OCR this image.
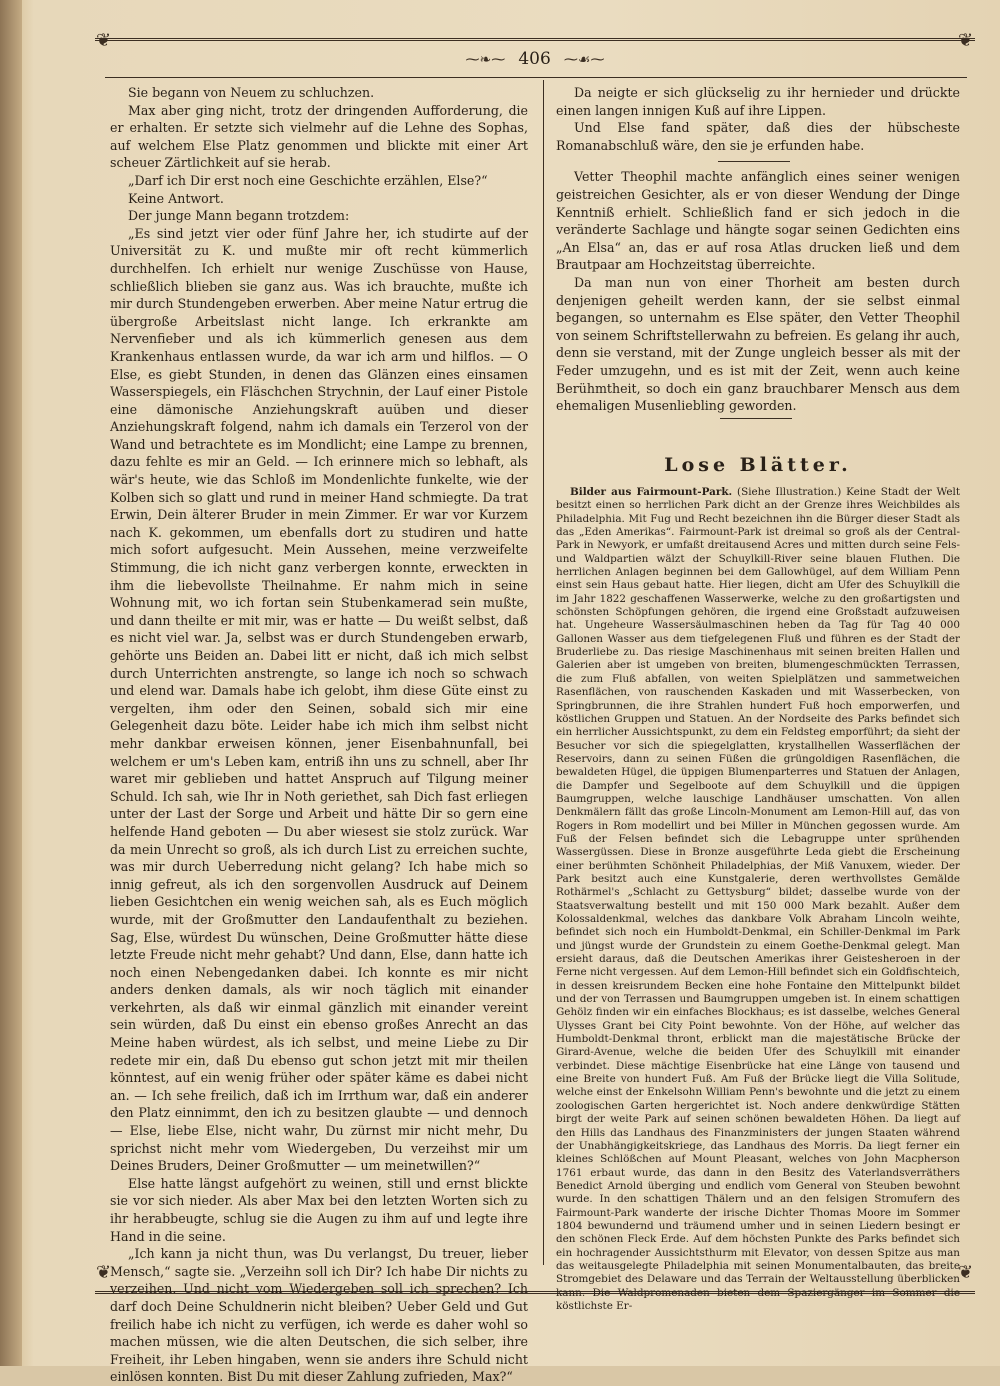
❦	❦
❦	❦
⁓❧⁓ 406 ⁓☙⁓

Sie begann von Neuem zu schluchzen.

Max aber ging nicht, trotz der dringenden Aufforderung, die er erhalten. Er setzte sich vielmehr auf die Lehne des Sophas, auf welchem Else Platz genommen und blickte mit einer Art scheuer Zärtlichkeit auf sie herab.

„Darf ich Dir erst noch eine Geschichte erzählen, Else?“

Keine Antwort.

Der junge Mann begann trotzdem:

„Es sind jetzt vier oder fünf Jahre her, ich studirte auf der Universität zu K. und mußte mir oft recht kümmerlich durchhelfen. Ich erhielt nur wenige Zuschüsse von Hause, schließlich blieben sie ganz aus. Was ich brauchte, mußte ich mir durch Stundengeben erwerben. Aber meine Natur ertrug die übergroße Arbeitslast nicht lange. Ich erkrankte am Nervenfieber und als ich kümmerlich genesen aus dem Krankenhaus entlassen wurde, da war ich arm und hilflos. — O Else, es giebt Stunden, in denen das Glänzen eines einsamen Wasserspiegels, ein Fläschchen Strychnin, der Lauf einer Pistole eine dämonische Anziehungskraft auüben und dieser Anziehungskraft folgend, nahm ich damals ein Terzerol von der Wand und betrachtete es im Mondlicht; eine Lampe zu brennen, dazu fehlte es mir an Geld. — Ich erinnere mich so lebhaft, als wär's heute, wie das Schloß im Mondenlichte funkelte, wie der Kolben sich so glatt und rund in meiner Hand schmiegte. Da trat Erwin, Dein älterer Bruder in mein Zimmer. Er war vor Kurzem nach K. gekommen, um ebenfalls dort zu studiren und hatte mich sofort aufgesucht. Mein Aussehen, meine verzweifelte Stimmung, die ich nicht ganz verbergen konnte, erweckten in ihm die liebevollste Theilnahme. Er nahm mich in seine Wohnung mit, wo ich fortan sein Stubenkamerad sein mußte, und dann theilte er mit mir, was er hatte — Du weißt selbst, daß es nicht viel war. Ja, selbst was er durch Stundengeben erwarb, gehörte uns Beiden an. Dabei litt er nicht, daß ich mich selbst durch Unterrichten anstrengte, so lange ich noch so schwach und elend war. Damals habe ich gelobt, ihm diese Güte einst zu vergelten, ihm oder den Seinen, sobald sich mir eine Gelegenheit dazu böte. Leider habe ich mich ihm selbst nicht mehr dankbar erweisen können, jener Eisenbahnunfall, bei welchem er um's Leben kam, entriß ihn uns zu schnell, aber Ihr waret mir geblieben und hattet Anspruch auf Tilgung meiner Schuld. Ich sah, wie Ihr in Noth geriethet, sah Dich fast erliegen unter der Last der Sorge und Arbeit und hätte Dir so gern eine helfende Hand geboten — Du aber wiesest sie stolz zurück. War da mein Unrecht so groß, als ich durch List zu erreichen suchte, was mir durch Ueberredung nicht gelang? Ich habe mich so innig gefreut, als ich den sorgenvollen Ausdruck auf Deinem lieben Gesichtchen ein wenig weichen sah, als es Euch möglich wurde, mit der Großmutter den Landaufenthalt zu beziehen. Sag, Else, würdest Du wünschen, Deine Großmutter hätte diese letzte Freude nicht mehr gehabt? Und dann, Else, dann hatte ich noch einen Nebengedanken dabei. Ich konnte es mir nicht anders denken damals, als wir noch täglich mit einander verkehrten, als daß wir einmal gänzlich mit einander vereint sein würden, daß Du einst ein ebenso großes Anrecht an das Meine haben würdest, als ich selbst, und meine Liebe zu Dir redete mir ein, daß Du ebenso gut schon jetzt mit mir theilen könntest, auf ein wenig früher oder später käme es dabei nicht an. — Ich sehe freilich, daß ich im Irrthum war, daß ein anderer den Platz einnimmt, den ich zu besitzen glaubte — und dennoch — Else, liebe Else, nicht wahr, Du zürnst mir nicht mehr, Du sprichst nicht mehr vom Wiedergeben, Du verzeihst mir um Deines Bruders, Deiner Großmutter — um meinetwillen?“

Else hatte längst aufgehört zu weinen, still und ernst blickte sie vor sich nieder. Als aber Max bei den letzten Worten sich zu ihr herabbeugte, schlug sie die Augen zu ihm auf und legte ihre Hand in die seine.

„Ich kann ja nicht thun, was Du verlangst, Du treuer, lieber Mensch,“ sagte sie. „Verzeihn soll ich Dir? Ich habe Dir nichts zu verzeihen. Und nicht vom Wiedergeben soll ich sprechen? Ich darf doch Deine Schuldnerin nicht bleiben? Ueber Geld und Gut freilich habe ich nicht zu verfügen, ich werde es daher wohl so machen müssen, wie die alten Deutschen, die sich selber, ihre Freiheit, ihr Leben hingaben, wenn sie anders ihre Schuld nicht einlösen konnten. Bist Du mit dieser Zahlung zufrieden, Max?“

Da neigte er sich glückselig zu ihr hernieder und drückte einen langen innigen Kuß auf ihre Lippen.

Und Else fand später, daß dies der hübscheste Romanabschluß wäre, den sie je erfunden habe.

Vetter Theophil machte anfänglich eines seiner wenigen geistreichen Gesichter, als er von dieser Wendung der Dinge Kenntniß erhielt. Schließlich fand er sich jedoch in die veränderte Sachlage und hängte sogar seinen Gedichten eins „An Elsa“ an, das er auf rosa Atlas drucken ließ und dem Brautpaar am Hochzeitstag überreichte.

Da man nun von einer Thorheit am besten durch denjenigen geheilt werden kann, der sie selbst einmal begangen, so unternahm es Else später, den Vetter Theophil von seinem Schriftstellerwahn zu befreien. Es gelang ihr auch, denn sie verstand, mit der Zunge ungleich besser als mit der Feder umzugehn, und es ist mit der Zeit, wenn auch keine Berühmtheit, so doch ein ganz brauchbarer Mensch aus dem ehemaligen Musenliebling geworden.

Lose Blätter.

Bilder aus Fairmount-Park. (Siehe Illustration.) Keine Stadt der Welt besitzt einen so herrlichen Park dicht an der Grenze ihres Weichbildes als Philadelphia. Mit Fug und Recht bezeichnen ihn die Bürger dieser Stadt als das „Eden Amerikas“. Fairmount-Park ist dreimal so groß als der Central-Park in Newyork, er umfaßt dreitausend Acres und mitten durch seine Fels- und Waldpartien wälzt der Schuylkill-River seine blauen Fluthen. Die herrlichen Anlagen beginnen bei dem Gallowhügel, auf dem William Penn einst sein Haus gebaut hatte. Hier liegen, dicht am Ufer des Schuylkill die im Jahr 1822 geschaffenen Wasserwerke, welche zu den großartigsten und schönsten Schöpfungen gehören, die irgend eine Großstadt aufzuweisen hat. Ungeheure Wassersäulmaschinen heben da Tag für Tag 40 000 Gallonen Wasser aus dem tiefgelegenen Fluß und führen es der Stadt der Bruderliebe zu. Das riesige Maschinenhaus mit seinen breiten Hallen und Galerien aber ist umgeben von breiten, blumengeschmückten Terrassen, die zum Fluß abfallen, von weiten Spielplätzen und sammetweichen Rasenflächen, von rauschenden Kaskaden und mit Wasserbecken, von Springbrunnen, die ihre Strahlen hundert Fuß hoch emporwerfen, und köstlichen Gruppen und Statuen. An der Nordseite des Parks befindet sich ein herrlicher Aussichtspunkt, zu dem ein Feldsteg emporführt; da sieht der Besucher vor sich die spiegelglatten, krystallhellen Wasserflächen der Reservoirs, dann zu seinen Füßen die grüngoldigen Rasenflächen, die bewaldeten Hügel, die üppigen Blumenparterres und Statuen der Anlagen, die Dampfer und Segelboote auf dem Schuylkill und die üppigen Baumgruppen, welche lauschige Landhäuser umschatten. Von allen Denkmälern fällt das große Lincoln-Monument am Lemon-Hill auf, das von Rogers in Rom modellirt und bei Miller in München gegossen wurde. Am Fuß der Felsen befindet sich die Lebagruppe unter sprühenden Wassergüssen. Diese in Bronze ausgeführte Leda giebt die Erscheinung einer berühmten Schönheit Philadelphias, der Miß Vanuxem, wieder. Der Park besitzt auch eine Kunstgalerie, deren werthvollstes Gemälde Rothärmel's „Schlacht zu Gettysburg“ bildet; dasselbe wurde von der Staatsverwaltung bestellt und mit 150 000 Mark bezahlt. Außer dem Kolossaldenkmal, welches das dankbare Volk Abraham Lincoln weihte, befindet sich noch ein Humboldt-Denkmal, ein Schiller-Denkmal im Park und jüngst wurde der Grundstein zu einem Goethe-Denkmal gelegt. Man ersieht daraus, daß die Deutschen Amerikas ihrer Geistesheroen in der Ferne nicht vergessen. Auf dem Lemon-Hill befindet sich ein Goldfischteich, in dessen kreisrundem Becken eine hohe Fontaine den Mittelpunkt bildet und der von Terrassen und Baumgruppen umgeben ist. In einem schattigen Gehölz finden wir ein einfaches Blockhaus; es ist dasselbe, welches General Ulysses Grant bei City Point bewohnte. Von der Höhe, auf welcher das Humboldt-Denkmal thront, erblickt man die majestätische Brücke der Girard-Avenue, welche die beiden Ufer des Schuylkill mit einander verbindet. Diese mächtige Eisenbrücke hat eine Länge von tausend und eine Breite von hundert Fuß. Am Fuß der Brücke liegt die Villa Solitude, welche einst der Enkelsohn William Penn's bewohnte und die jetzt zu einem zoologischen Garten hergerichtet ist. Noch andere denkwürdige Stätten birgt der weite Park auf seinen schönen bewaldeten Höhen. Da liegt auf den Hills das Landhaus des Finanzministers der jungen Staaten während der Unabhängigkeitskriege, das Landhaus des Morris. Da liegt ferner ein kleines Schlößchen auf Mount Pleasant, welches von John Macpherson 1761 erbaut wurde, das dann in den Besitz des Vaterlandsverräthers Benedict Arnold überging und endlich vom General von Steuben bewohnt wurde. In den schattigen Thälern und an den felsigen Stromufern des Fairmount-Park wanderte der irische Dichter Thomas Moore im Sommer 1804 bewundernd und träumend umher und in seinen Liedern besingt er den schönen Fleck Erde. Auf dem höchsten Punkte des Parks befindet sich ein hochragender Aussichtsthurm mit Elevator, von dessen Spitze aus man das weitausgelegte Philadelphia mit seinen Monumentalbauten, das breite Stromgebiet des Delaware und das Terrain der Weltausstellung überblicken kann. Die Waldpromenaden bieten dem Spaziergänger im Sommer die köstlichste Er-
